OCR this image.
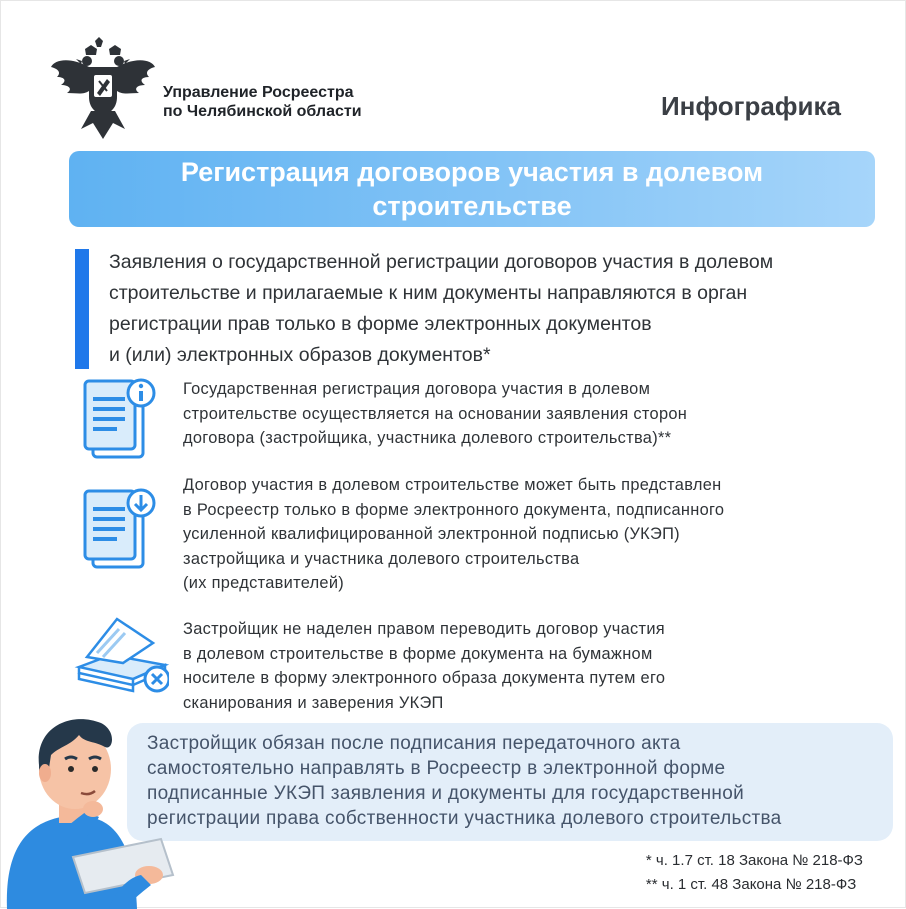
Управление Росреестра
по Челябинской области	Инфографика
Регистрация договоров участия в долевом строительстве
Заявления о государственной регистрации договоров участия в долевом
строительстве и прилагаемые к ним документы направляются в орган
регистрации прав только в форме электронных документов
и (или) электронных образов документов*
Государственная регистрация договора участия в долевом
строительстве осуществляется на основании заявления сторон
договора (застройщика, участника долевого строительства)**
Договор участия в долевом строительстве может быть представлен
в Росреестр только в форме электронного документа, подписанного
усиленной квалифицированной электронной подписью (УКЭП)
застройщика и участника долевого строительства
(их представителей)
Застройщик не наделен правом переводить договор участия
в долевом строительстве в форме документа на бумажном
носителе в форму электронного образа документа путем его
сканирования и заверения УКЭП
Застройщик обязан после подписания передаточного акта
самостоятельно направлять в Росреестр в электронной форме
подписанные УКЭП заявления и документы для государственной
регистрации права собственности участника долевого строительства
* ч. 1.7 ст. 18 Закона № 218-ФЗ
** ч. 1 ст. 48 Закона № 218-ФЗ
